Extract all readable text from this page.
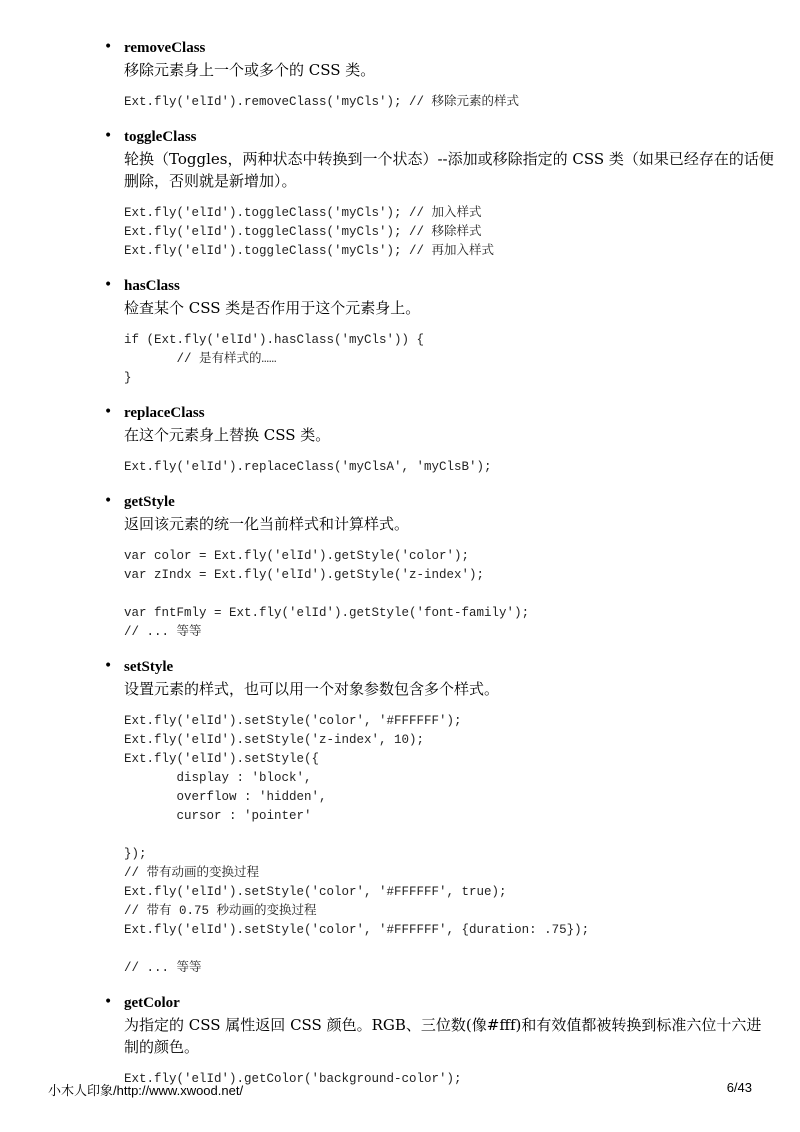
• removeClass
移除元素身上一个或多个的 CSS 类。
Ext.fly('elId').removeClass('myCls'); // 移除元素的样式
• toggleClass
轮换（Toggles，两种状态中转换到一个状态）--添加或移除指定的 CSS 类（如果已经存在的话便删除，否则就是新增加）。
Ext.fly('elId').toggleClass('myCls'); // 加入样式
Ext.fly('elId').toggleClass('myCls'); // 移除样式
Ext.fly('elId').toggleClass('myCls'); // 再加入样式
• hasClass
检查某个 CSS 类是否作用于这个元素身上。
if (Ext.fly('elId').hasClass('myCls')) {
// 是有样式的……
}
• replaceClass
在这个元素身上替换 CSS 类。
Ext.fly('elId').replaceClass('myClsA', 'myClsB');
• getStyle
返回该元素的统一化当前样式和计算样式。
var color = Ext.fly('elId').getStyle('color');
var zIndx = Ext.fly('elId').getStyle('z-index');
var fntFmly = Ext.fly('elId').getStyle('font-family');
// ... 等等
• setStyle
设置元素的样式，也可以用一个对象参数包含多个样式。
Ext.fly('elId').setStyle('color', '#FFFFFF');
Ext.fly('elId').setStyle('z-index', 10);
Ext.fly('elId').setStyle({
display : 'block',
overflow : 'hidden',
cursor : 'pointer'
});
// 带有动画的变换过程
Ext.fly('elId').setStyle('color', '#FFFFFF', true);
// 带有 0.75 秒动画的变换过程
Ext.fly('elId').setStyle('color', '#FFFFFF', {duration: .75});
// ... 等等
• getColor
为指定的 CSS 属性返回 CSS 颜色。RGB、三位数(像#fff)和有效值都被转换到标准六位十六进制的颜色。
Ext.fly('elId').getColor('background-color');
小木人印象/http://www.xwood.net/	6/43
